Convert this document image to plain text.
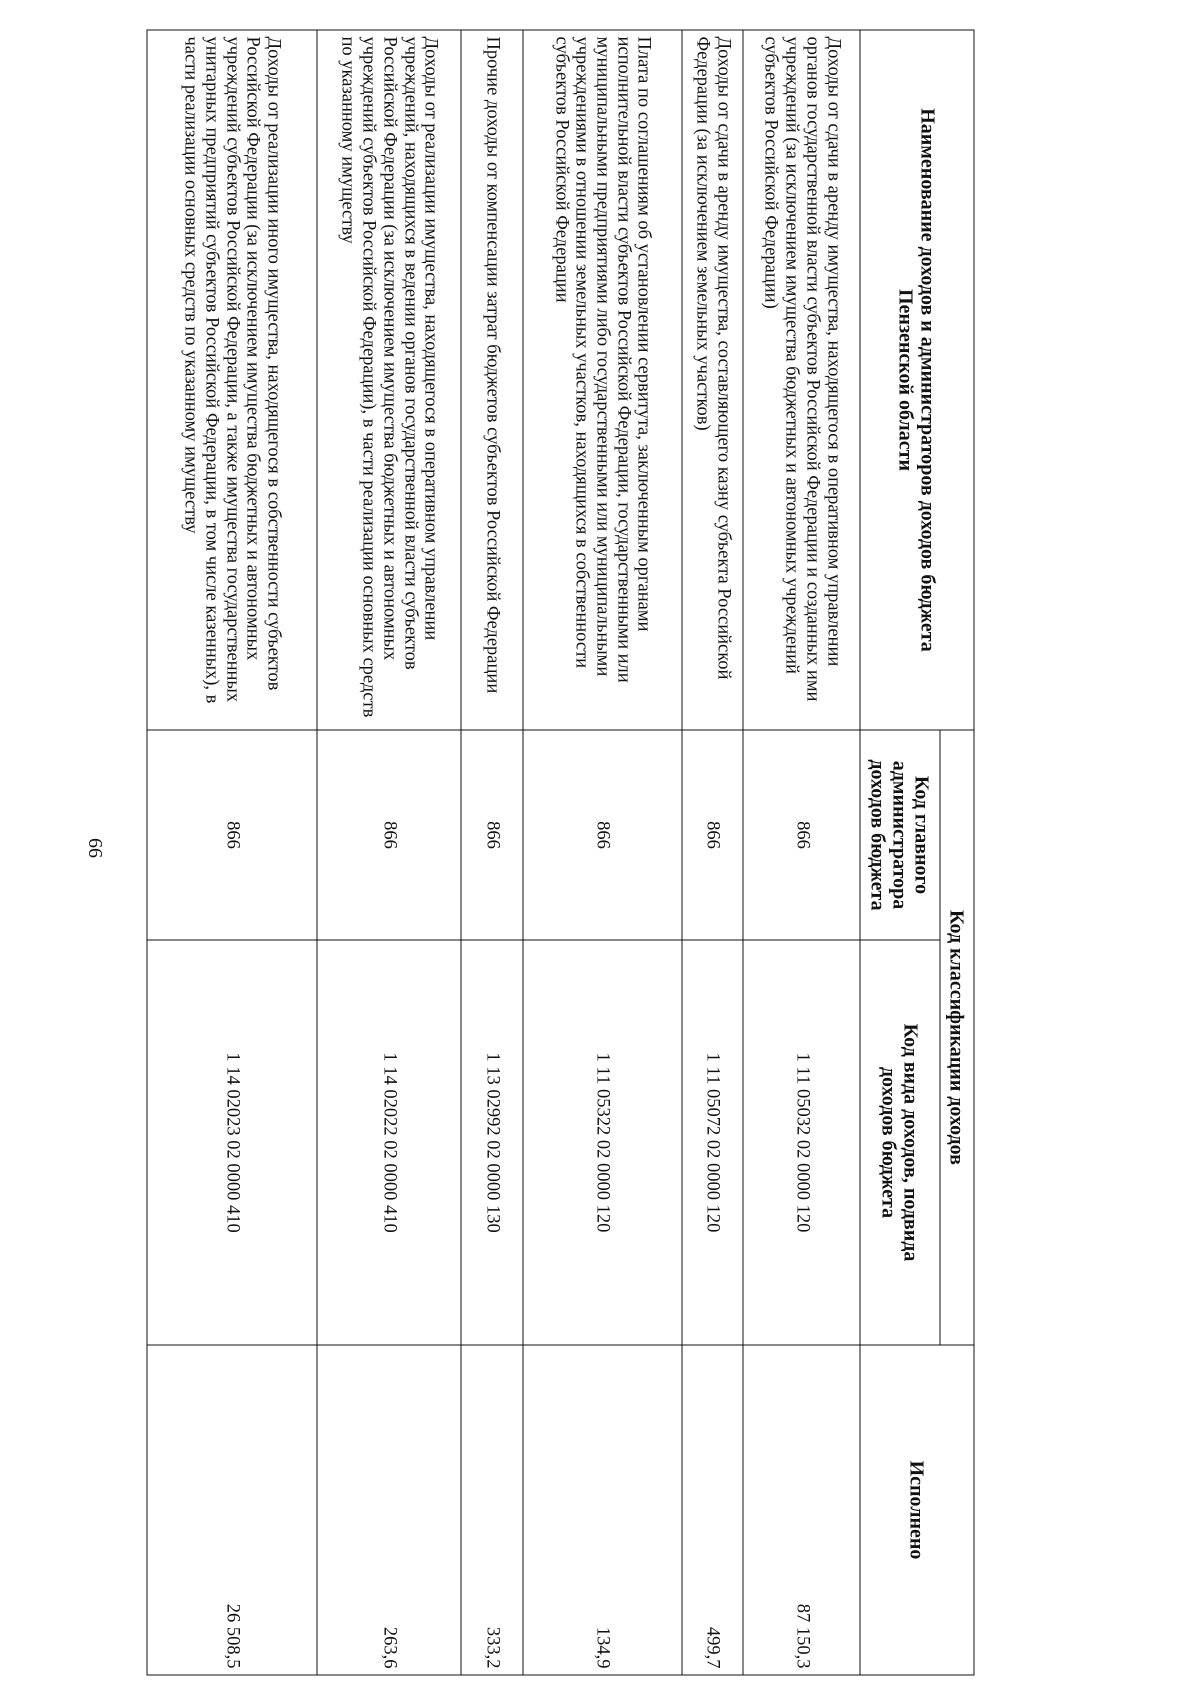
66
Наименование доходов и администраторов доходов бюджета Пензенской области	Код классификации доходов		Исполнено
	Код главного администратора доходов бюджета	Код вида доходов, подвида доходов бюджета	
Доходы от сдачи в аренду имущества, находящегося в оперативном управлении органов государственной власти субъектов Российской Федерации и созданных ими учреждений (за исключением имущества бюджетных и автономных учреждений субъектов Российской Федерации)	866	1 11 05032 02 0000 120	87 150,3
Доходы от сдачи в аренду имущества, составляющего казну субъекта Российской Федерации (за исключением земельных участков)	866	1 11 05072 02 0000 120	499,7
Плата по соглашениям об установлении сервитута, заключенным органами исполнительной власти субъектов Российской Федерации, государственными или муниципальными предприятиями либо государственными или муниципальными учреждениями в отношении земельных участков, находящихся в собственности субъектов Российской Федерации	866	1 11 05322 02 0000 120	134,9
Прочие доходы от компенсации затрат бюджетов субъектов Российской Федерации	866	1 13 02992 02 0000 130	333,2
Доходы от реализации имущества, находящегося в оперативном управлении учреждений, находящихся в ведении органов государственной власти субъектов Российской Федерации (за исключением имущества бюджетных и автономных учреждений субъектов Российской Федерации), в части реализации основных средств по указанному имуществу	866	1 14 02022 02 0000 410	263,6
Доходы от реализации иного имущества, находящегося в собственности субъектов Российской Федерации (за исключением имущества бюджетных и автономных учреждений субъектов Российской Федерации, а также имущества государственных унитарных предприятий субъектов Российской Федерации, в том числе казенных), в части реализации основных средств по указанному имуществу	866	1 14 02023 02 0000 410	26 508,5
